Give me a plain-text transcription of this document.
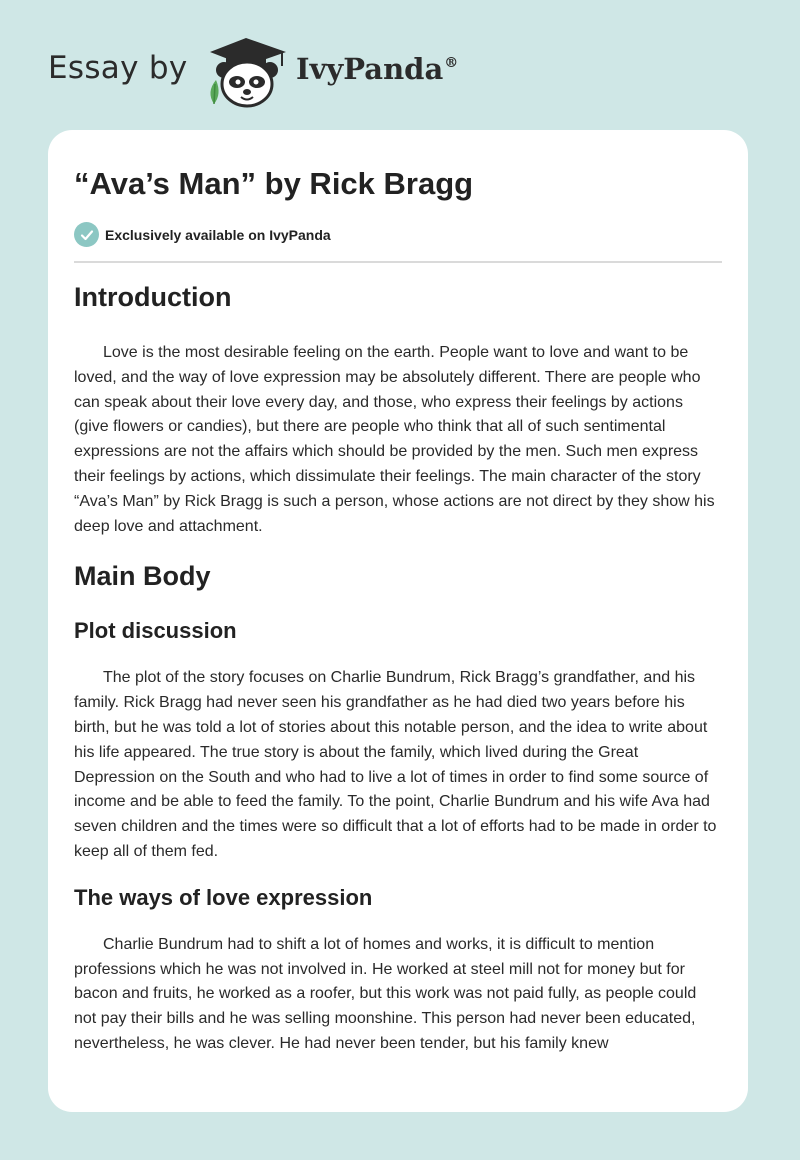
Essay by	IvyPanda®
“Ava’s Man” by Rick Bragg
Exclusively available on IvyPanda
Introduction

Love is the most desirable feeling on the earth. People want to love and want to be loved, and the way of love expression may be absolutely different. There are people who can speak about their love every day, and those, who express their feelings by actions (give flowers or candies), but there are people who think that all of such sentimental expressions are not the affairs which should be provided by the men. Such men express their feelings by actions, which dissimulate their feelings. The main character of the story “Ava’s Man” by Rick Bragg is such a person, whose actions are not direct by they show his deep love and attachment.

Main Body
Plot discussion

The plot of the story focuses on Charlie Bundrum, Rick Bragg’s grandfather, and his family. Rick Bragg had never seen his grandfather as he had died two years before his birth, but he was told a lot of stories about this notable person, and the idea to write about his life appeared. The true story is about the family, which lived during the Great Depression on the South and who had to live a lot of times in order to find some source of income and be able to feed the family. To the point, Charlie Bundrum and his wife Ava had seven children and the times were so difficult that a lot of efforts had to be made in order to keep all of them fed.

The ways of love expression

Charlie Bundrum had to shift a lot of homes and works, it is difficult to mention professions which he was not involved in. He worked at steel mill not for money but for bacon and fruits, he worked as a roofer, but this work was not paid fully, as people could not pay their bills and he was selling moonshine. This person had never been educated, nevertheless, he was clever. He had never been tender, but his family knew
